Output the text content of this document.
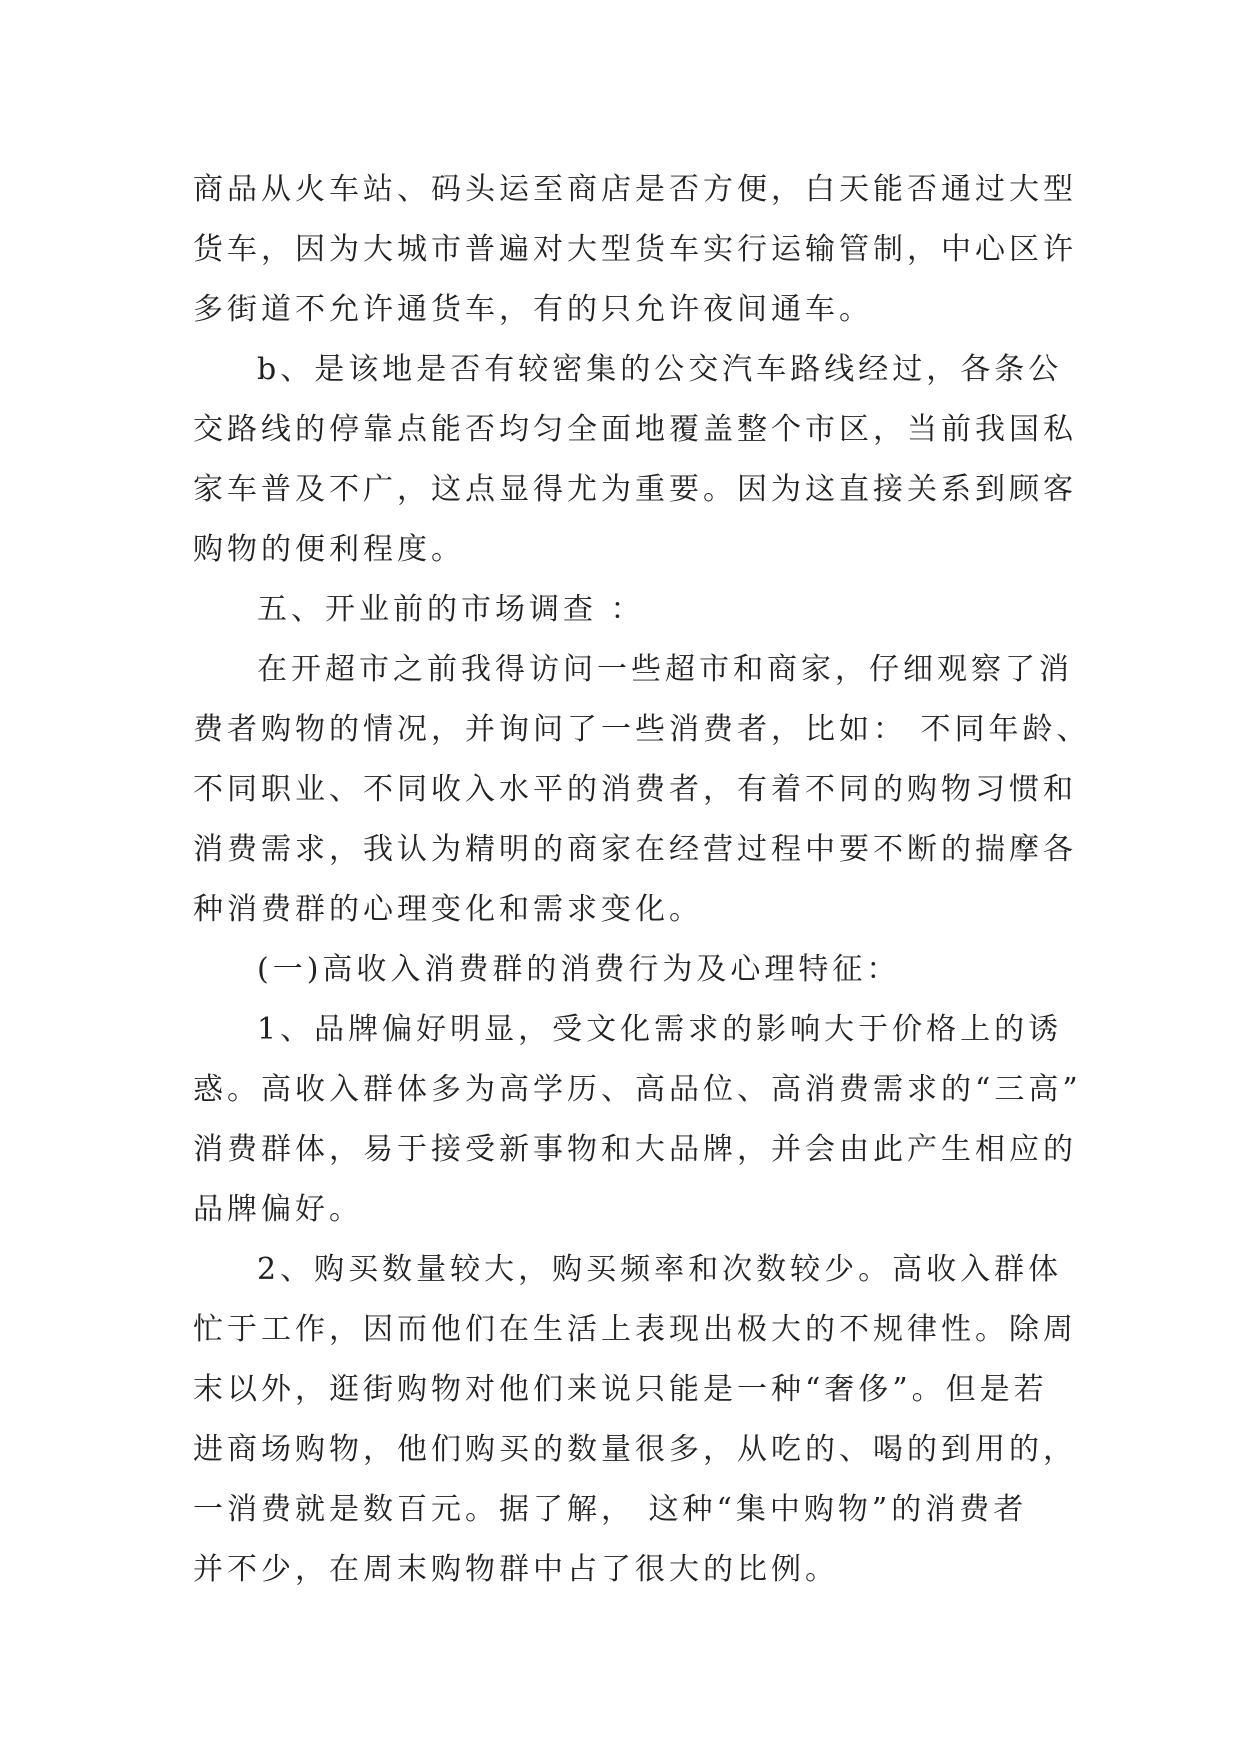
商品从火车站、码头运至商店是否方便，白天能否通过大型
货车，因为大城市普遍对大型货车实行运输管制，中心区许
多街道不允许通货车，有的只允许夜间通车。
b、是该地是否有较密集的公交汽车路线经过，各条公
交路线的停靠点能否均匀全面地覆盖整个市区，当前我国私
家车普及不广，这点显得尤为重要。因为这直接关系到顾客
购物的便利程度。
五、开业前的市场调查 ：
在开超市之前我得访问一些超市和商家，仔细观察了消
费者购物的情况，并询问了一些消费者，比如： 不同年龄、
不同职业、不同收入水平的消费者，有着不同的购物习惯和
消费需求，我认为精明的商家在经营过程中要不断的揣摩各
种消费群的心理变化和需求变化。
(一)高收入消费群的消费行为及心理特征：
1、品牌偏好明显，受文化需求的影响大于价格上的诱
惑。高收入群体多为高学历、高品位、高消费需求的“三高”
消费群体，易于接受新事物和大品牌，并会由此产生相应的
品牌偏好。
2、购买数量较大，购买频率和次数较少。高收入群体
忙于工作，因而他们在生活上表现出极大的不规律性。除周
末以外，逛街购物对他们来说只能是一种“奢侈”。但是若
进商场购物，他们购买的数量很多，从吃的、喝的到用的，
一消费就是数百元。据了解， 这种“集中购物”的消费者
并不少，在周末购物群中占了很大的比例。
